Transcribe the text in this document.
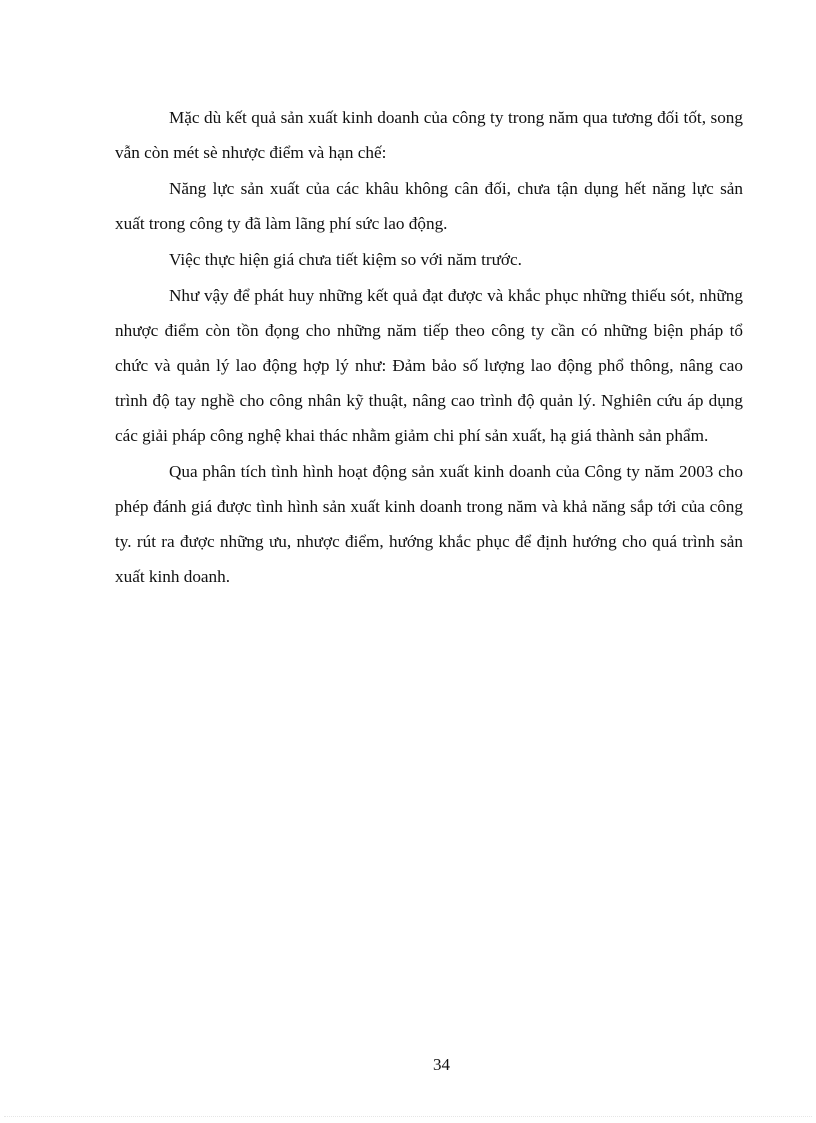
Mặc dù kết quả sản xuất kinh doanh của công ty trong năm qua tương đối tốt, song vẫn còn mét sè nhược điểm và hạn chế:

Năng lực sản xuất của các khâu không cân đối, chưa tận dụng hết năng lực sản xuất trong công ty đã làm lãng phí sức lao động.

Việc thực hiện giá chưa tiết kiệm so với năm trước.

Như vậy để phát huy những kết quả đạt được và khắc phục những thiếu sót, những nhược điểm còn tồn đọng cho những năm tiếp theo công ty cần có những biện pháp tổ chức và quản lý lao động hợp lý như: Đảm bảo số lượng lao động phổ thông, nâng cao trình độ tay nghề cho công nhân kỹ thuật, nâng cao trình độ quản lý. Nghiên cứu áp dụng các giải pháp công nghệ khai thác nhằm giảm chi phí sản xuất, hạ giá thành sản phẩm.

Qua phân tích tình hình hoạt động sản xuất kinh doanh của Công ty năm 2003 cho phép đánh giá được tình hình sản xuất kinh doanh trong năm và khả năng sắp tới của công ty. rút ra được những ưu, nhược điểm, hướng khắc phục để định hướng cho quá trình sản xuất kinh doanh.

34
